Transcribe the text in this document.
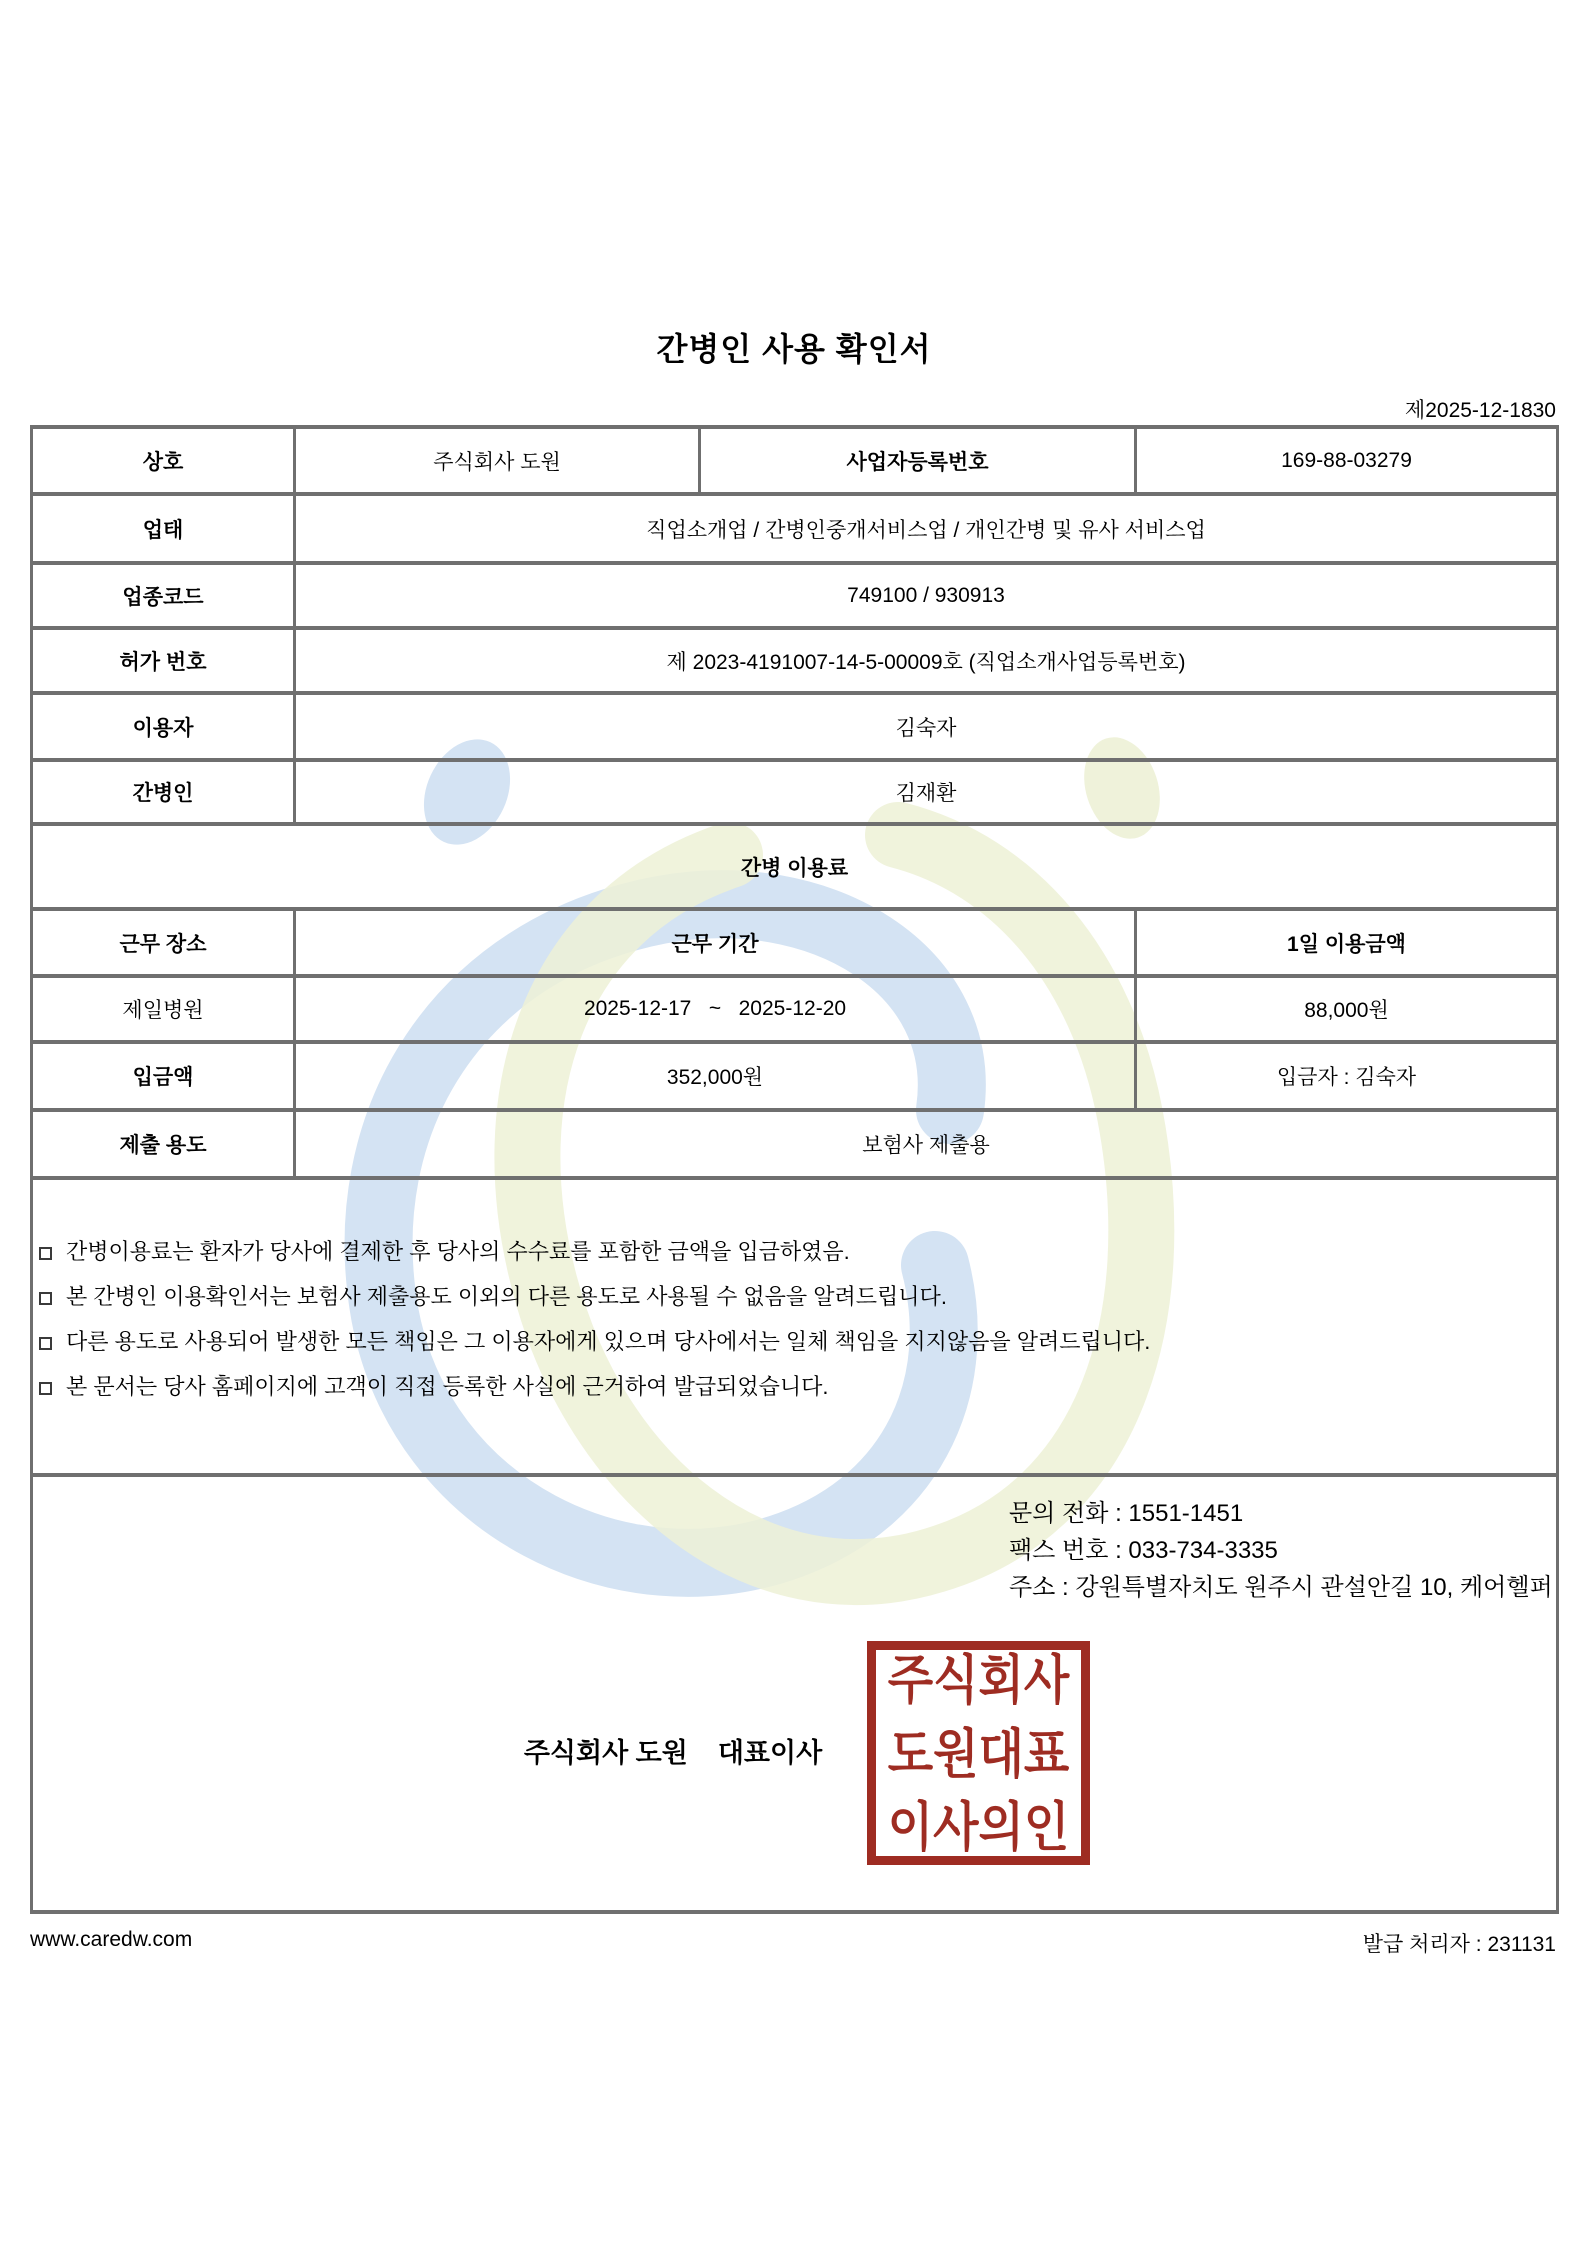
간병인 사용 확인서
제2025-12-1830
상호	주식회사 도원	사업자등록번호	169-88-03279
업태	직업소개업 / 간병인중개서비스업 / 개인간병 및 유사 서비스업		
업종코드	749100 / 930913		
허가 번호	제 2023-4191007-14-5-00009호 (직업소개사업등록번호)		
이용자	김숙자		
간병인	김재환		
간병 이용료			
근무 장소	근무 기간		1일 이용금액
제일병원	2025-12-17   ~   2025-12-20		88,000원
입금액	352,000원		입금자 : 김숙자
제출 용도	보험사 제출용		

간병이용료는 환자가 당사에 결제한 후 당사의 수수료를 포함한 금액을 입금하였음.
본 간병인 이용확인서는 보험사 제출용도 이외의 다른 용도로 사용될 수 없음을 알려드립니다.
다른 용도로 사용되어 발생한 모든 책임은 그 이용자에게 있으며 당사에서는 일체 책임을 지지않음을 알려드립니다.
본 문서는 당사 홈페이지에 고객이 직접 등록한 사실에 근거하여 발급되었습니다.			

문의 전화 : 1551-1451
팩스 번호 : 033-734-3335
주소 : 강원특별자치도 원주시 관설안길 10, 케어헬퍼
주식회사 도원    대표이사
주식회사
도원대표
이사의인
www.caredw.com	발급 처리자 : 231131
